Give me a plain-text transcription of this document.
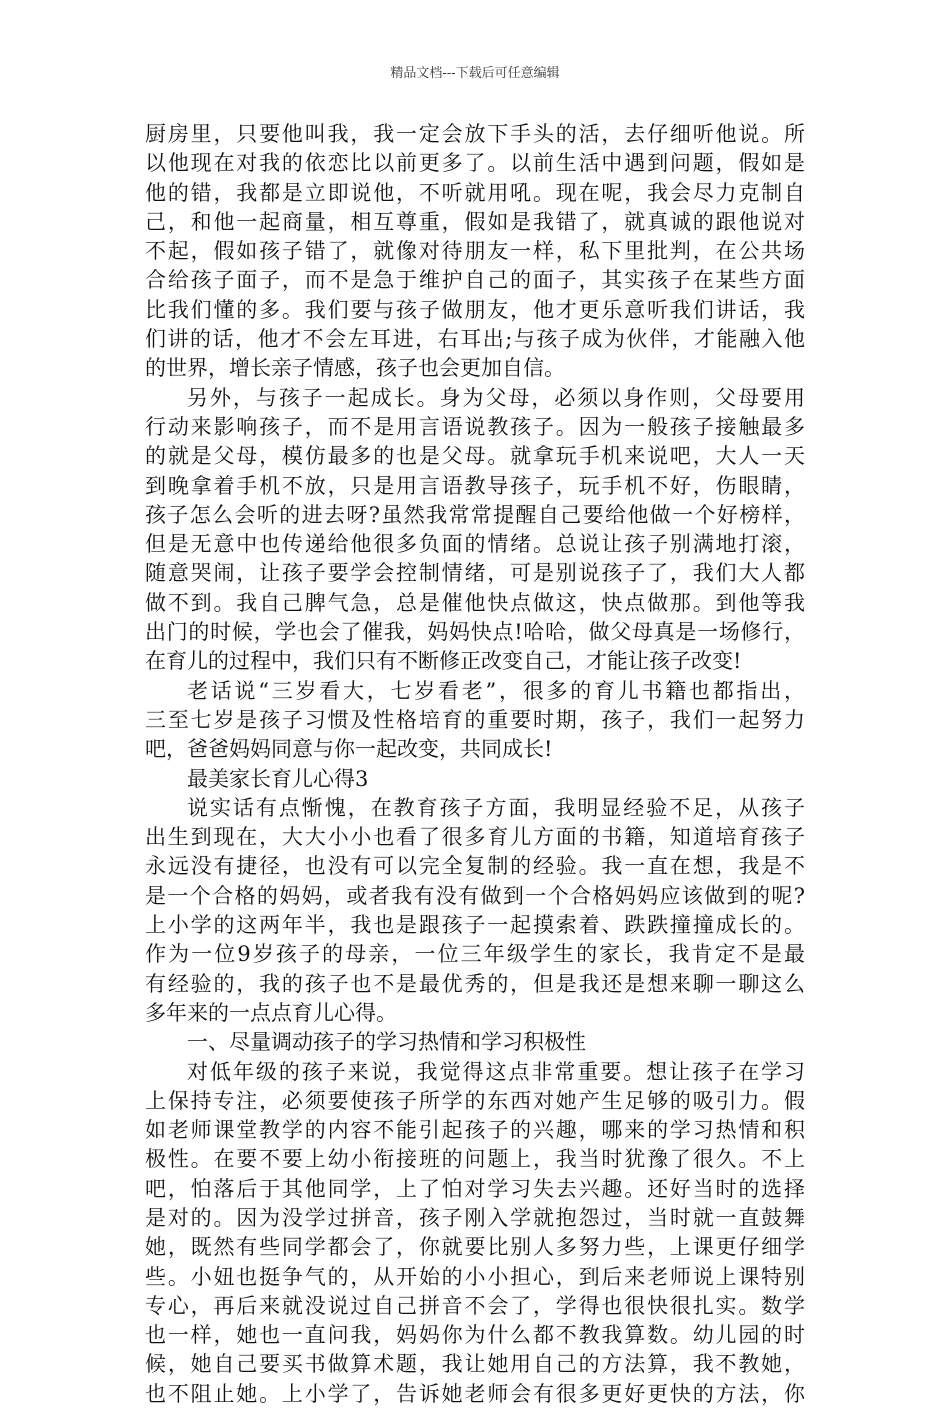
精品文档---下载后可任意编辑
厨房里，只要他叫我，我一定会放下手头的活，去仔细听他说。所
以他现在对我的依恋比以前更多了。以前生活中遇到问题，假如是
他的错，我都是立即说他，不听就用吼。现在呢，我会尽力克制自
己，和他一起商量，相互尊重，假如是我错了，就真诚的跟他说对
不起，假如孩子错了，就像对待朋友一样，私下里批判，在公共场
合给孩子面子，而不是急于维护自己的面子，其实孩子在某些方面
比我们懂的多。我们要与孩子做朋友，他才更乐意听我们讲话，我
们讲的话，他才不会左耳进，右耳出;与孩子成为伙伴，才能融入他
的世界，增长亲子情感，孩子也会更加自信。
另外，与孩子一起成长。身为父母，必须以身作则，父母要用
行动来影响孩子，而不是用言语说教孩子。因为一般孩子接触最多
的就是父母，模仿最多的也是父母。就拿玩手机来说吧，大人一天
到晚拿着手机不放，只是用言语教导孩子，玩手机不好，伤眼睛，
孩子怎么会听的进去呀?虽然我常常提醒自己要给他做一个好榜样，
但是无意中也传递给他很多负面的情绪。总说让孩子别满地打滚，
随意哭闹，让孩子要学会控制情绪，可是别说孩子了，我们大人都
做不到。我自己脾气急，总是催他快点做这，快点做那。到他等我
出门的时候，学也会了催我，妈妈快点!哈哈，做父母真是一场修行，
在育儿的过程中，我们只有不断修正改变自己，才能让孩子改变!
老话说“三岁看大，七岁看老”，很多的育儿书籍也都指出，
三至七岁是孩子习惯及性格培育的重要时期，孩子，我们一起努力
吧，爸爸妈妈同意与你一起改变，共同成长!
最美家长育儿心得3
说实话有点惭愧，在教育孩子方面，我明显经验不足，从孩子
出生到现在，大大小小也看了很多育儿方面的书籍，知道培育孩子
永远没有捷径，也没有可以完全复制的经验。我一直在想，我是不
是一个合格的妈妈，或者我有没有做到一个合格妈妈应该做到的呢?
上小学的这两年半，我也是跟孩子一起摸索着、跌跌撞撞成长的。
作为一位9岁孩子的母亲，一位三年级学生的家长，我肯定不是最
有经验的，我的孩子也不是最优秀的，但是我还是想来聊一聊这么
多年来的一点点育儿心得。
一、尽量调动孩子的学习热情和学习积极性
对低年级的孩子来说，我觉得这点非常重要。想让孩子在学习
上保持专注，必须要使孩子所学的东西对她产生足够的吸引力。假
如老师课堂教学的内容不能引起孩子的兴趣，哪来的学习热情和积
极性。在要不要上幼小衔接班的问题上，我当时犹豫了很久。不上
吧，怕落后于其他同学，上了怕对学习失去兴趣。还好当时的选择
是对的。因为没学过拼音，孩子刚入学就抱怨过，当时就一直鼓舞
她，既然有些同学都会了，你就要比别人多努力些，上课更仔细学
些。小妞也挺争气的，从开始的小小担心，到后来老师说上课特别
专心，再后来就没说过自己拼音不会了，学得也很快很扎实。数学
也一样，她也一直问我，妈妈你为什么都不教我算数。幼儿园的时
候，她自己要买书做算术题，我让她用自己的方法算，我不教她，
也不阻止她。上小学了，告诉她老师会有很多更好更快的方法，你
